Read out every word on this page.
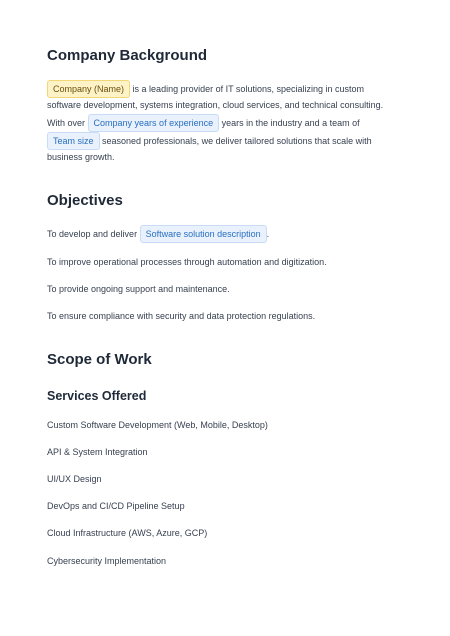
Company Background
Company (Name) is a leading provider of IT solutions, specializing in custom
software development, systems integration, cloud services, and technical consulting.
With over Company years of experience years in the industry and a team of
Team size seasoned professionals, we deliver tailored solutions that scale with
business growth.
Objectives
To develop and deliver Software solution description .
To improve operational processes through automation and digitization.
To provide ongoing support and maintenance.
To ensure compliance with security and data protection regulations.
Scope of Work
Services Offered
Custom Software Development (Web, Mobile, Desktop)
API & System Integration
UI/UX Design
DevOps and CI/CD Pipeline Setup
Cloud Infrastructure (AWS, Azure, GCP)
Cybersecurity Implementation
